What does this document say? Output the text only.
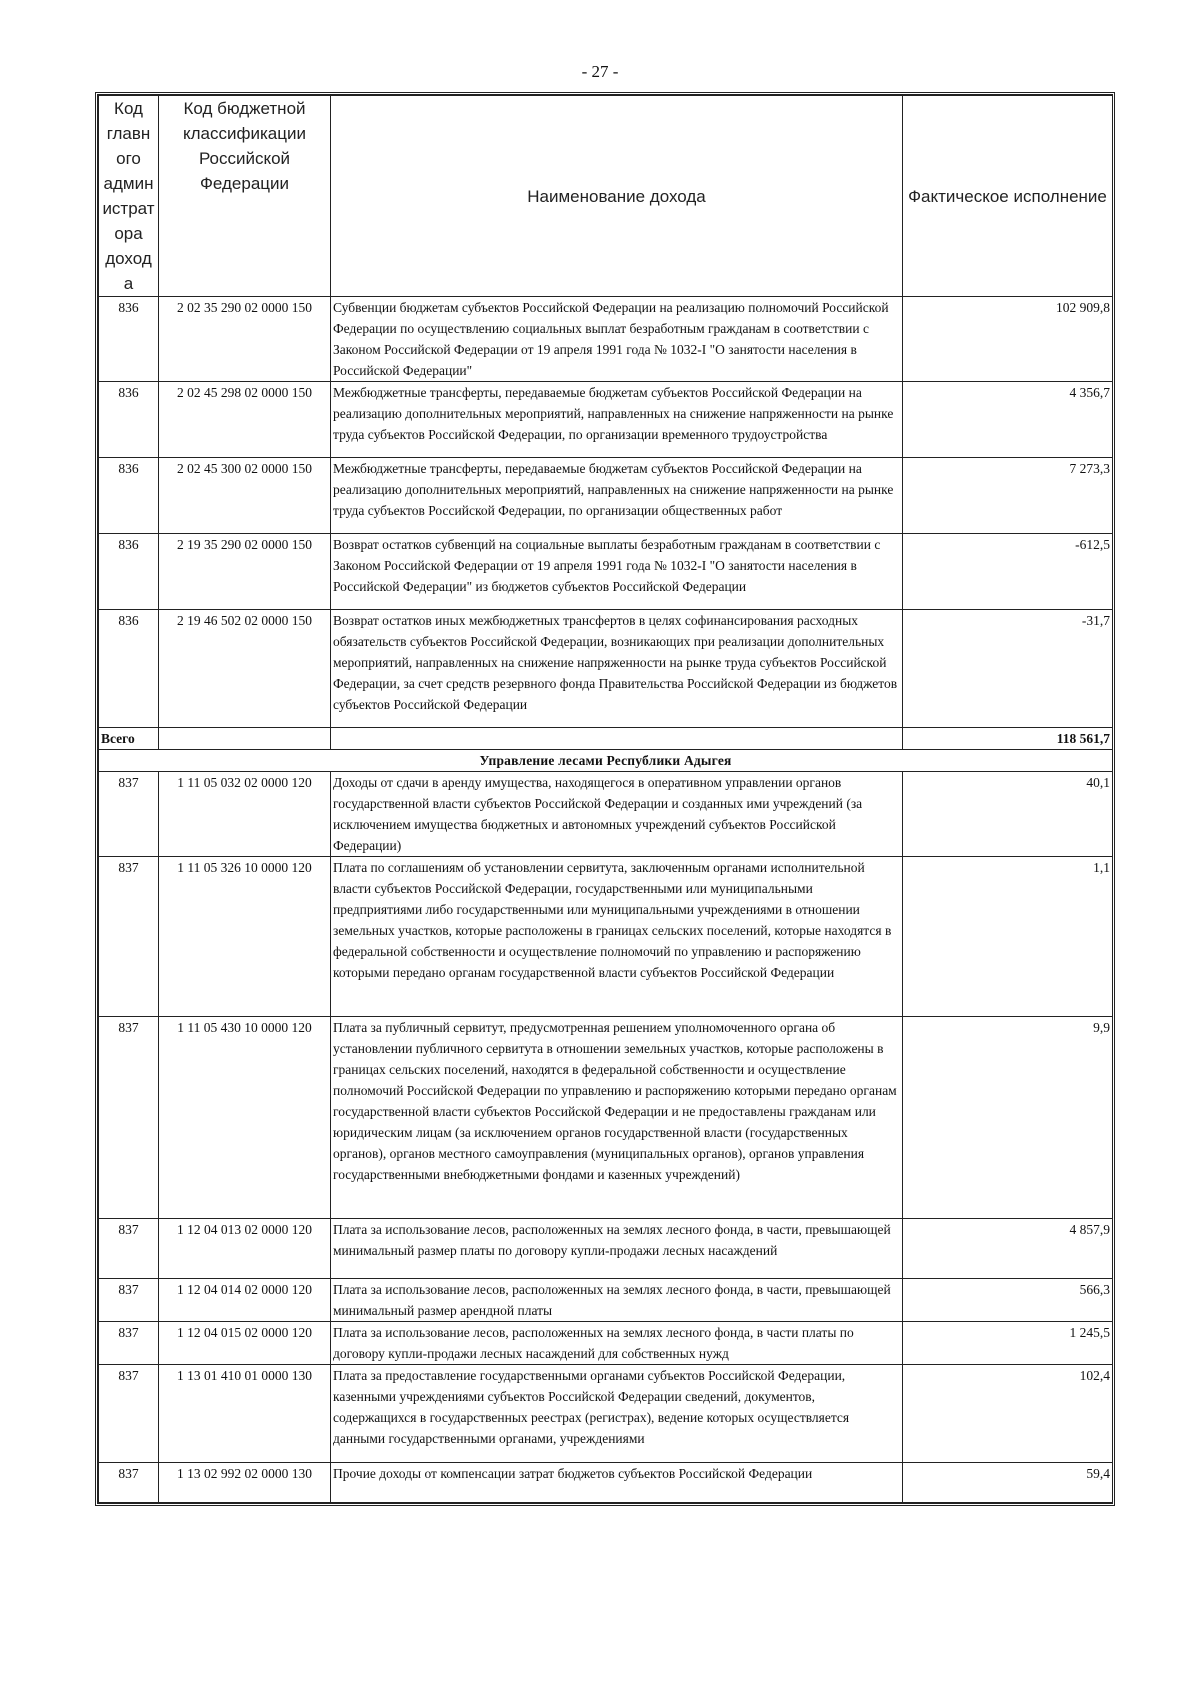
- 27 -
Код главн ого админ истрат ора доход а	Код бюджетной классификации Российской Федерации	Наименование дохода	Фактическое исполнение
836	2 02 35 290 02 0000 150	Субвенции бюджетам субъектов Российской Федерации на реализацию полномочий Российской Федерации по осуществлению социальных выплат безработным гражданам в соответствии с Законом Российской Федерации от 19 апреля 1991 года № 1032-I "О занятости населения в Российской Федерации"	102 909,8
836	2 02 45 298 02 0000 150	Межбюджетные трансферты, передаваемые бюджетам субъектов Российской Федерации на реализацию дополнительных мероприятий, направленных на снижение напряженности на рынке труда субъектов Российской Федерации, по организации временного трудоустройства	4 356,7
836	2 02 45 300 02 0000 150	Межбюджетные трансферты, передаваемые бюджетам субъектов Российской Федерации на реализацию дополнительных мероприятий, направленных на снижение напряженности на рынке труда субъектов Российской Федерации, по организации общественных работ	7 273,3
836	2 19 35 290 02 0000 150	Возврат остатков субвенций на социальные выплаты безработным гражданам в соответствии с Законом Российской Федерации от 19 апреля 1991 года № 1032-I "О занятости населения в Российской Федерации" из бюджетов субъектов Российской Федерации	-612,5
836	2 19 46 502 02 0000 150	Возврат остатков иных межбюджетных трансфертов в целях софинансирования расходных обязательств субъектов Российской Федерации, возникающих при реализации дополнительных мероприятий, направленных на снижение напряженности на рынке труда субъектов Российской Федерации, за счет средств резервного фонда Правительства Российской Федерации из бюджетов субъектов Российской Федерации	-31,7
Всего			118 561,7
Управление лесами Республики Адыгея			
837	1 11 05 032 02 0000 120	Доходы от сдачи в аренду имущества, находящегося в оперативном управлении органов государственной власти субъектов Российской Федерации и созданных ими учреждений (за исключением имущества бюджетных и автономных учреждений субъектов Российской Федерации)	40,1
837	1 11 05 326 10 0000 120	Плата по соглашениям об установлении сервитута, заключенным органами исполнительной власти субъектов Российской Федерации, государственными или муниципальными предприятиями либо государственными или муниципальными учреждениями в отношении земельных участков, которые расположены в границах сельских поселений, которые находятся в федеральной собственности и осуществление полномочий по управлению и распоряжению которыми передано органам государственной власти субъектов Российской Федерации	1,1
837	1 11 05 430 10 0000 120	Плата за публичный сервитут, предусмотренная решением уполномоченного органа об установлении публичного сервитута в отношении земельных участков, которые расположены в границах сельских поселений, находятся в федеральной собственности и осуществление полномочий Российской Федерации по управлению и распоряжению которыми передано органам государственной власти субъектов Российской Федерации и не предоставлены гражданам или юридическим лицам (за исключением органов государственной власти (государственных органов), органов местного самоуправления (муниципальных органов), органов управления государственными внебюджетными фондами и казенных учреждений)	9,9
837	1 12 04 013 02 0000 120	Плата за использование лесов, расположенных на землях лесного фонда, в части, превышающей минимальный размер платы по договору купли-продажи лесных насаждений	4 857,9
837	1 12 04 014 02 0000 120	Плата за использование лесов, расположенных на землях лесного фонда, в части, превышающей минимальный размер арендной платы	566,3
837	1 12 04 015 02 0000 120	Плата за использование лесов, расположенных на землях лесного фонда, в части платы по договору купли-продажи лесных насаждений для собственных нужд	1 245,5
837	1 13 01 410 01 0000 130	Плата за предоставление государственными органами субъектов Российской Федерации, казенными учреждениями субъектов Российской Федерации сведений, документов, содержащихся в государственных реестрах (регистрах), ведение которых осуществляется данными государственными органами, учреждениями	102,4
837	1 13 02 992 02 0000 130	Прочие доходы от компенсации затрат бюджетов субъектов Российской Федерации	59,4
